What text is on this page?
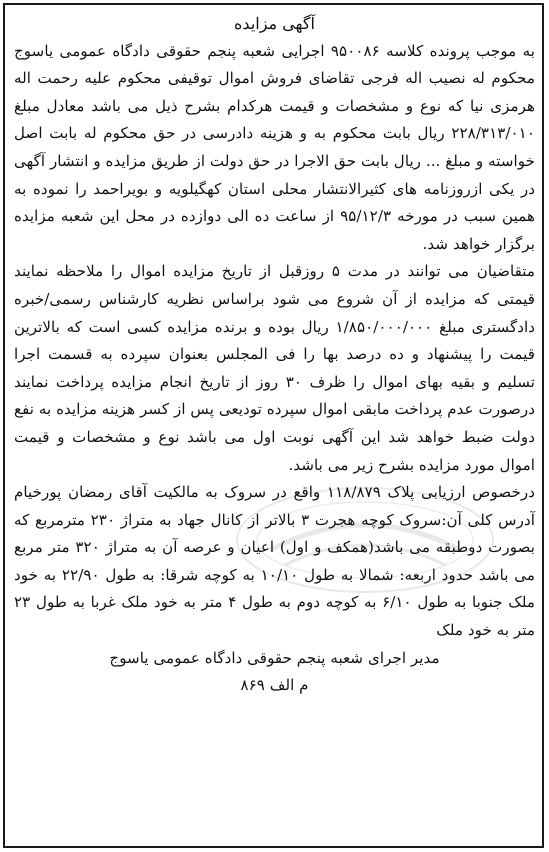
آگهی مزایده

به موجب پرونده کلاسه ۹۵۰۰۸۶ اجرایی شعبه پنجم حقوقی دادگاه عمومی یاسوج محکوم له نصیب اله فرجی تقاضای فروش اموال توقیفی محکوم علیه رحمت اله هرمزی نیا که نوع و مشخصات و قیمت هرکدام بشرح ذیل می باشد معادل مبلغ ۲۲۸/۳۱۳/۰۱۰ ریال بابت محکوم به و هزینه دادرسی در حق محکوم له بابت اصل خواسته و مبلغ ... ریال بابت حق الاجرا در حق دولت از طریق مزایده و انتشار آگهی در یکی ازروزنامه های کثیرالانتشار محلی استان کهگیلویه و بویراحمد را نموده به همین سبب در مورخه ۹۵/۱۲/۳ از ساعت ده الی دوازده در محل این شعبه مزایده برگزار خواهد شد.

متقاضیان می توانند در مدت ۵ روزقبل از تاریخ مزایده اموال را ملاحظه نمایند قیمتی که مزایده از آن شروع می شود براساس نظریه کارشناس رسمی/خبره دادگستری مبلغ ۱/۸۵۰/۰۰۰/۰۰۰ ریال بوده و برنده مزایده کسی است که بالاترین قیمت را پیشنهاد و ده درصد بها را فی المجلس بعنوان سپرده به قسمت اجرا تسلیم و بقیه بهای اموال را ظرف ۳۰ روز از تاریخ انجام مزایده پرداخت نمایند درصورت عدم پرداخت مابقی اموال سپرده تودیعی پس از کسر هزینه مزایده به نفع دولت ضبط خواهد شد این آگهی نوبت اول می باشد نوع و مشخصات و قیمت اموال مورد مزایده بشرح زیر می باشد.

درخصوص ارزیابی پلاک ۱۱۸/۸۷۹ واقع در سروک به مالکیت آقای رمضان پورخیام آدرس کلی آن:سروک کوچه هجرت ۳ بالاتر از کانال جهاد به متراژ ۲۳۰ مترمربع که بصورت دوطبقه می باشد(همکف و اول) اعیان و عرصه آن به متراژ ۳۲۰ متر مربع می باشد حدود اربعه: شمالا به طول ۱۰/۱۰ به کوچه شرقا: به طول ۲۲/۹۰ به خود ملک جنوبا به طول ۶/۱۰ به کوچه دوم به طول ۴ متر به خود ملک غربا به طول ۲۳ متر به خود ملک

مدیر اجرای شعبه پنجم حقوقی دادگاه عمومی یاسوج

م الف ۸۶۹
